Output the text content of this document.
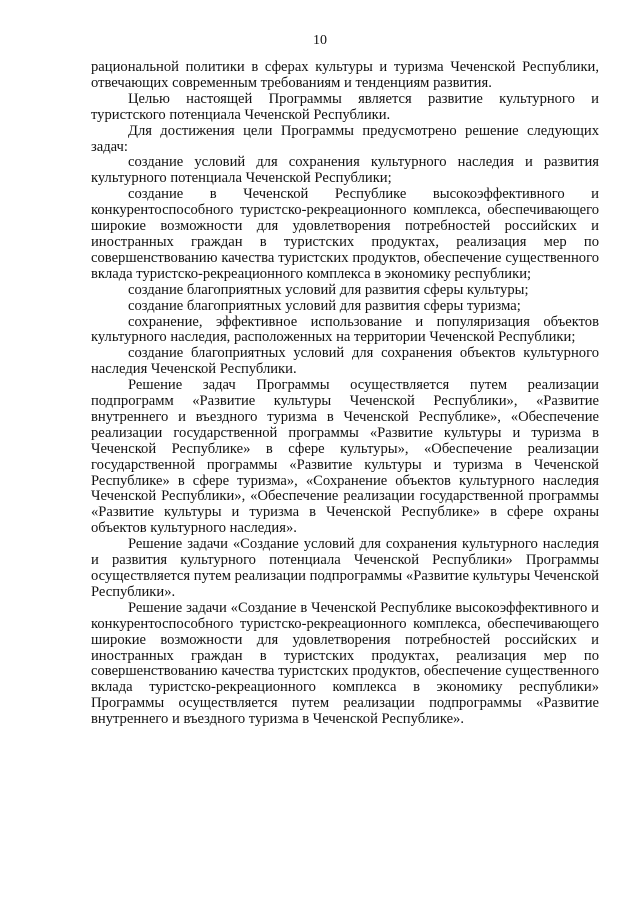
10

рациональной политики в сферах культуры и туризма Чеченской Республики, отвечающих современным требованиям и тенденциям развития.

Целью настоящей Программы является развитие культурного и туристского потенциала Чеченской Республики.

Для достижения цели Программы предусмотрено решение следующих задач:

создание условий для сохранения культурного наследия и развития культурного потенциала Чеченской Республики;

создание в Чеченской Республике высокоэффективного и конкурентоспособного туристско-рекреационного комплекса, обеспечивающего широкие возможности для удовлетворения потребностей российских и иностранных граждан в туристских продуктах, реализация мер по совершенствованию качества туристских продуктов, обеспечение существенного вклада туристско-рекреационного комплекса в экономику республики;

создание благоприятных условий для развития сферы культуры;

создание благоприятных условий для развития сферы туризма;

сохранение, эффективное использование и популяризация объектов культурного наследия, расположенных на территории Чеченской Республики;

создание благоприятных условий для сохранения объектов культурного наследия Чеченской Республики.

Решение задач Программы осуществляется путем реализации подпрограмм «Развитие культуры Чеченской Республики», «Развитие внутреннего и въездного туризма в Чеченской Республике», «Обеспечение реализации государственной программы «Развитие культуры и туризма в Чеченской Республике» в сфере культуры», «Обеспечение реализации государственной программы «Развитие культуры и туризма в Чеченской Республике» в сфере туризма», «Сохранение объектов культурного наследия Чеченской Республики», «Обеспечение реализации государственной программы «Развитие культуры и туризма в Чеченской Республике» в сфере охраны объектов культурного наследия».

Решение задачи «Создание условий для сохранения культурного наследия и развития культурного потенциала Чеченской Республики» Программы осуществляется путем реализации подпрограммы «Развитие культуры Чеченской Республики».

Решение задачи «Создание в Чеченской Республике высокоэффективного и конкурентоспособного туристско-рекреационного комплекса, обеспечивающего широкие возможности для удовлетворения потребностей российских и иностранных граждан в туристских продуктах, реализация мер по совершенствованию качества туристских продуктов, обеспечение существенного вклада туристско-рекреационного комплекса в экономику республики» Программы осуществляется путем реализации подпрограммы «Развитие внутреннего и въездного туризма в Чеченской Республике».
